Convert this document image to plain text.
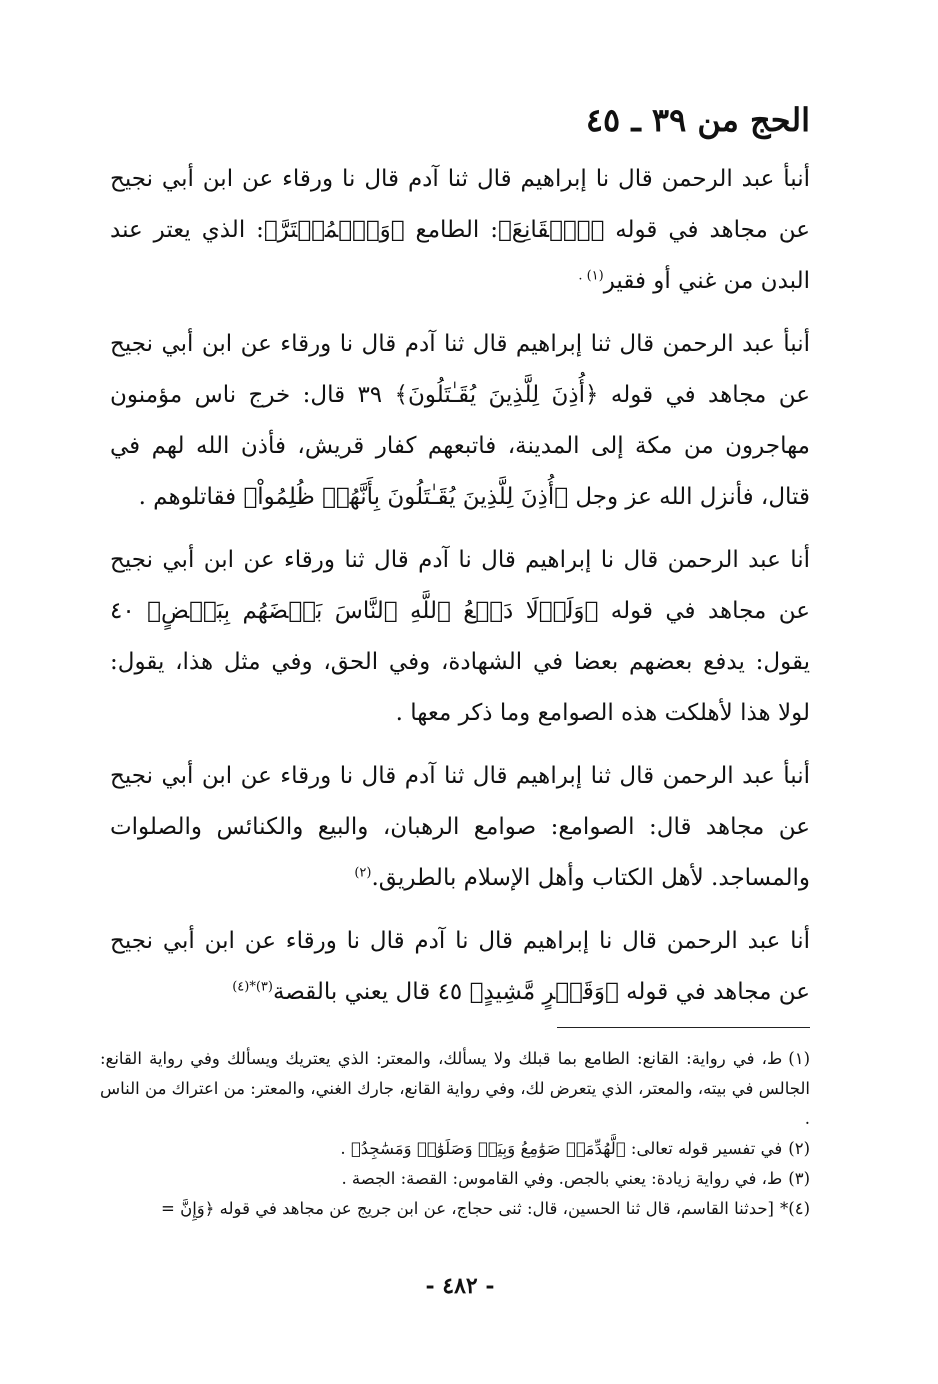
الحج من ٣٩ ـ ٤٥

أنبأ عبد الرحمن قال نا إبراهيم قال ثنا آدم قال نا ورقاء عن ابن أبي نجيح عن مجاهد في قوله ﴿ٱلۡقَانِعَ﴾: الطامع ﴿وَٱلۡمُعۡتَرَّ﴾: الذي يعتر عند البدن من غني أو فقير$^{(١) .}$

أنبأ عبد الرحمن قال ثنا إبراهيم قال ثنا آدم قال نا ورقاء عن ابن أبي نجيح عن مجاهد في قوله ﴿أُذِنَ لِلَّذِينَ يُقَـٰتَلُونَ﴾ ٣٩ قال: خرج ناس مؤمنون مهاجرون من مكة إلى المدينة، فاتبعهم كفار قريش، فأذن الله لهم في قتال، فأنزل الله عز وجل ﴿أُذِنَ لِلَّذِينَ يُقَـٰتَلُونَ بِأَنَّهُمۡ ظُلِمُواْ﴾ فقاتلوهم .

أنا عبد الرحمن قال نا إبراهيم قال نا آدم قال ثنا ورقاء عن ابن أبي نجيح عن مجاهد في قوله ﴿وَلَوۡلَا دَفۡعُ ٱللَّهِ ٱلنَّاسَ بَعۡضَهُم بِبَعۡضٍ﴾ ٤٠ يقول: يدفع بعضهم بعضا في الشهادة، وفي الحق، وفي مثل هذا، يقول: لولا هذا لأهلكت هذه الصوامع وما ذكر معها .

أنبأ عبد الرحمن قال ثنا إبراهيم قال ثنا آدم قال نا ورقاء عن ابن أبي نجيح عن مجاهد قال: الصوامع: صوامع الرهبان، والبيع والكنائس والصلوات والمساجد. لأهل الكتاب وأهل الإسلام بالطريق.$^{(٢)}$

أنا عبد الرحمن قال نا إبراهيم قال نا آدم قال نا ورقاء عن ابن أبي نجيح عن مجاهد في قوله ﴿وَقَصۡرٍ مَّشِيدٍ﴾ ٤٥ قال يعني بالقصة$^{(٣)*(٤)}$

(١)ط، في رواية: القانع: الطامع بما قبلك ولا يسألك، والمعتر: الذي يعتريك ويسألك وفي رواية القانع: الجالس في بيته، والمعتر، الذي يتعرض لك، وفي رواية القانع، جارك الغني، والمعتر: من اعتراك من الناس .

(٢)في تفسير قوله تعالى: ﴿لَّهُدِّمَتۡ صَوَٰمِعُ وَبِيَعٞ وَصَلَوَٰتٞ وَمَسَٰجِدُ﴾ .

(٣)ط، في رواية زيادة: يعني بالجص. وفي القاموس: القصة: الجصة .

(٤)*[حدثنا القاسم، قال ثنا الحسين، قال: ثنى حجاج، عن ابن جريج عن مجاهد في قوله ﴿وَإِنَّ =

- ٤٨٢ -
